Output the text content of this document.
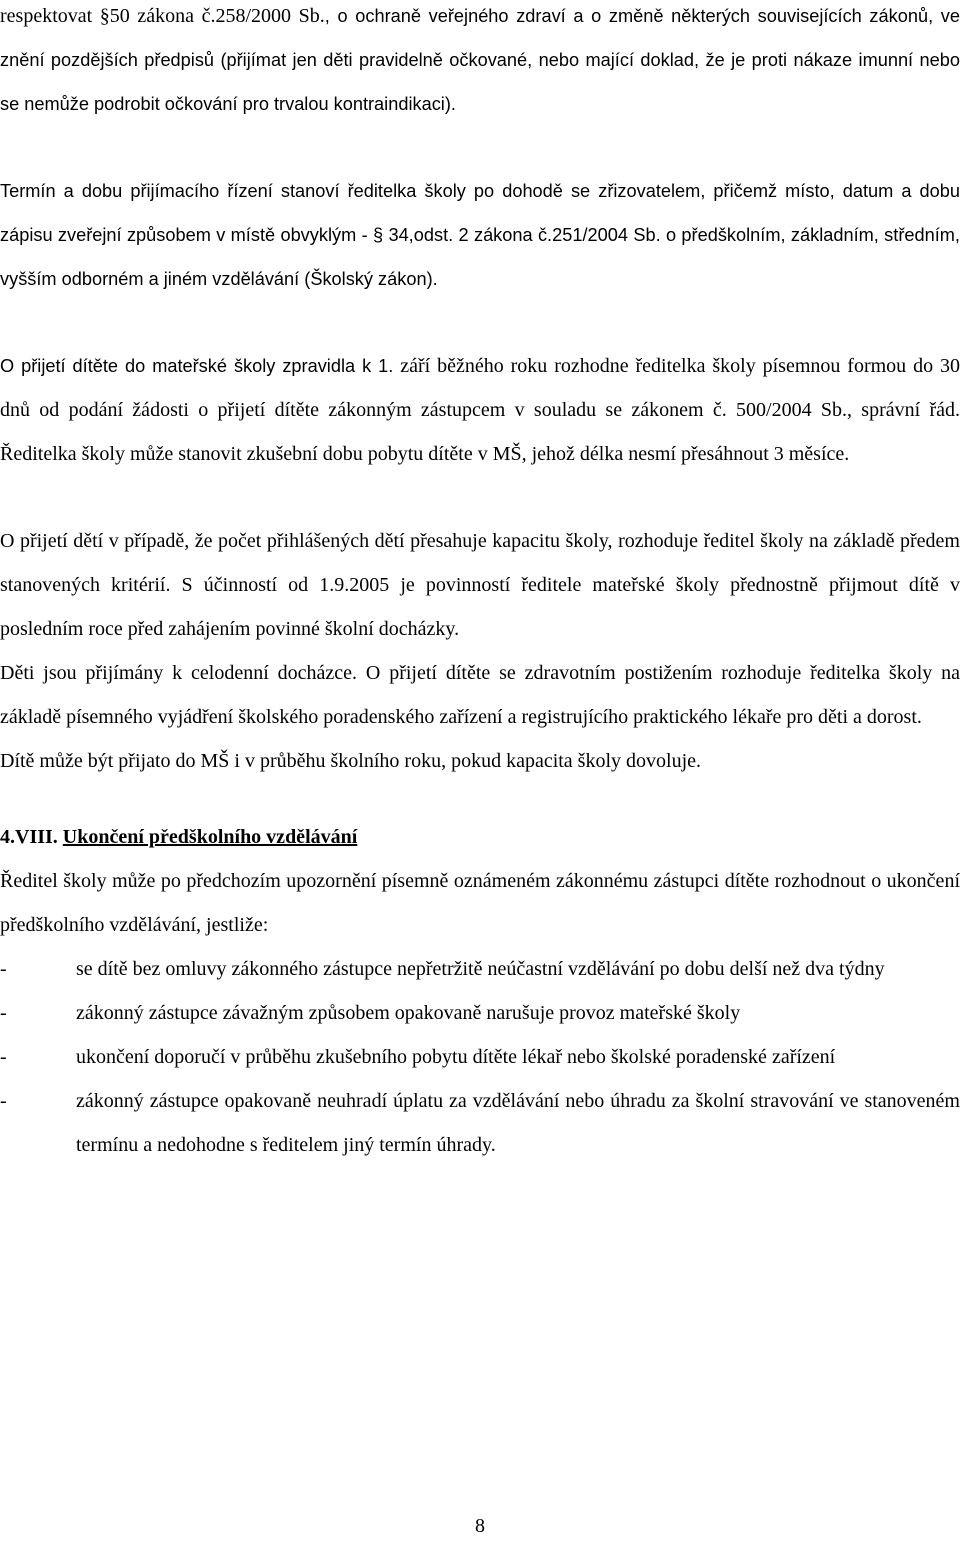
respektovat §50 zákona č.258/2000 Sb., o ochraně veřejného zdraví a o změně některých souvisejících zákonů, ve znění pozdějších předpisů (přijímat jen děti pravidelně očkované, nebo mající doklad, že je proti nákaze imunní nebo se nemůže podrobit očkování pro trvalou kontraindikaci).

Termín a dobu přijímacího řízení stanoví ředitelka školy po dohodě se zřizovatelem, přičemž místo, datum a dobu zápisu zveřejní způsobem v místě obvyklým - § 34,odst. 2 zákona č.251/2004 Sb. o předškolním, základním, středním, vyšším odborném a jiném vzdělávání (Školský zákon).

O přijetí dítěte do mateřské školy zpravidla k 1. září běžného roku rozhodne ředitelka školy písemnou formou do 30 dnů od podání žádosti o přijetí dítěte zákonným zástupcem v souladu se zákonem č. 500/2004 Sb., správní řád. Ředitelka školy může stanovit zkušební dobu pobytu dítěte v MŠ, jehož délka nesmí přesáhnout 3 měsíce.

O přijetí dětí v případě, že počet přihlášených dětí přesahuje kapacitu školy, rozhoduje ředitel školy na základě předem stanovených kritérií. S účinností od 1.9.2005 je povinností ředitele mateřské školy přednostně přijmout dítě v posledním roce před zahájením povinné školní docházky.

Děti jsou přijímány k celodenní docházce. O přijetí dítěte se zdravotním postižením rozhoduje ředitelka školy na základě písemného vyjádření školského poradenského zařízení a registrujícího praktického lékaře pro děti a dorost.

Dítě může být přijato do MŠ i v průběhu školního roku, pokud kapacita školy dovoluje.

4.VIII. Ukončení předškolního vzdělávání

Ředitel školy může po předchozím upozornění písemně oznámeném zákonnému zástupci dítěte rozhodnout o ukončení předškolního vzdělávání, jestliže:

-	se dítě bez omluvy zákonného zástupce nepřetržitě neúčastní vzdělávání po dobu delší než dva týdny
-	zákonný zástupce závažným způsobem opakovaně narušuje provoz mateřské školy
-	ukončení doporučí v průběhu zkušebního pobytu dítěte lékař nebo školské poradenské zařízení
-	zákonný zástupce opakovaně neuhradí úplatu za vzdělávání nebo úhradu za školní stravování ve stanoveném termínu a nedohodne s ředitelem jiný termín úhrady.
8
